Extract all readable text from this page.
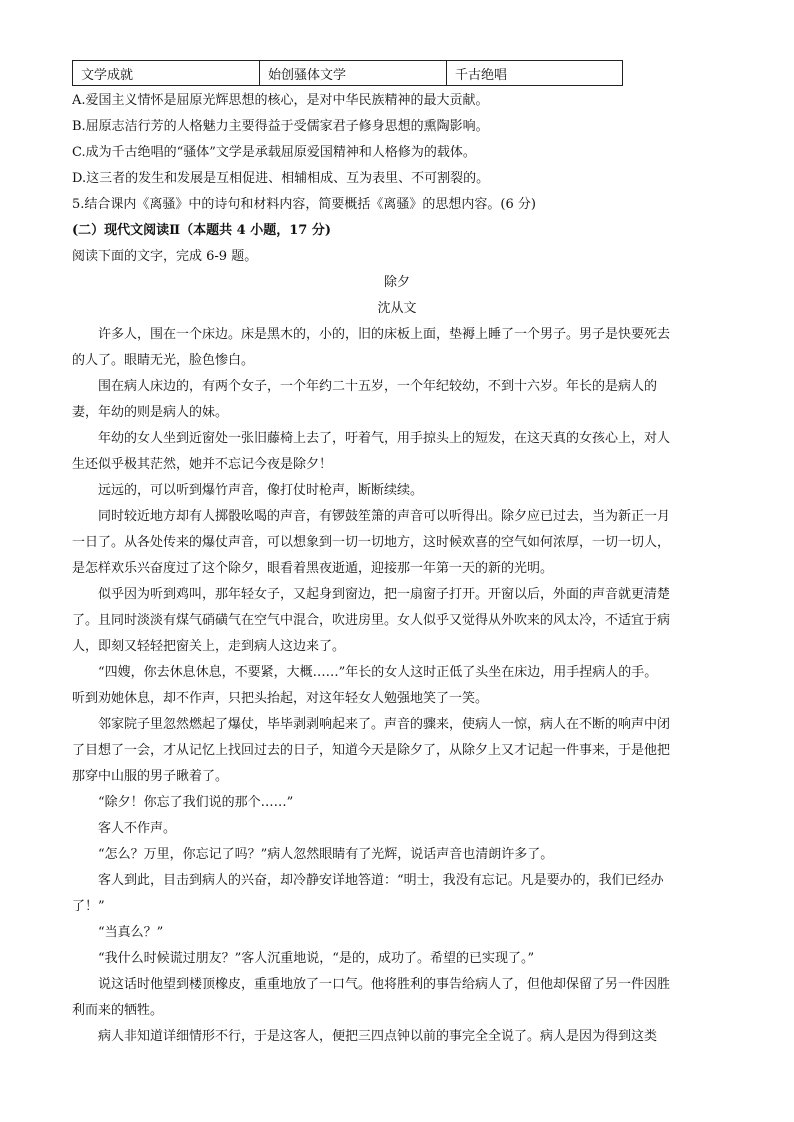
文学成就	始创骚体文学	千古绝唱
A.爱国主义情怀是屈原光辉思想的核心，是对中华民族精神的最大贡献。
B.屈原志洁行芳的人格魅力主要得益于受儒家君子修身思想的熏陶影响。
C.成为千古绝唱的“骚体”文学是承载屈原爱国精神和人格修为的载体。
D.这三者的发生和发展是互相促进、相辅相成、互为表里、不可割裂的。
5.结合课内《离骚》中的诗句和材料内容，简要概括《离骚》的思想内容。(6 分)
(二）现代文阅读Ⅱ（本题共 4 小题，17 分)
阅读下面的文字，完成 6-9 题。
除夕
沈从文
许多人，围在一个床边。床是黑木的，小的，旧的床板上面，垫褥上睡了一个男子。男子是快要死去
的人了。眼睛无光，脸色惨白。
围在病人床边的，有两个女子，一个年约二十五岁，一个年纪较幼，不到十六岁。年长的是病人的
妻，年幼的则是病人的妹。
年幼的女人坐到近窗处一张旧藤椅上去了，吁着气，用手掠头上的短发，在这天真的女孩心上，对人
生还似乎极其茫然，她并不忘记今夜是除夕！
远远的，可以听到爆竹声音，像打仗时枪声，断断续续。
同时较近地方却有人掷骰吆喝的声音，有锣鼓笙箫的声音可以听得出。除夕应已过去，当为新正一月
一日了。从各处传来的爆仗声音，可以想象到一切一切地方，这时候欢喜的空气如何浓厚，一切一切人，
是怎样欢乐兴奋度过了这个除夕，眼看着黑夜逝遁，迎接那一年第一天的新的光明。
似乎因为听到鸡叫，那年轻女子，又起身到窗边，把一扇窗子打开。开窗以后，外面的声音就更清楚
了。且同时淡淡有煤气硝磺气在空气中混合，吹进房里。女人似乎又觉得从外吹来的风太冷，不适宜于病
人，即刻又轻轻把窗关上，走到病人这边来了。
“四嫂，你去休息休息，不要紧，大概……”年长的女人这时正低了头坐在床边，用手捏病人的手。
听到劝她休息，却不作声，只把头抬起，对这年轻女人勉强地笑了一笑。
邻家院子里忽然燃起了爆仗，毕毕剥剥响起来了。声音的骤来，使病人一惊，病人在不断的响声中闭
了目想了一会，才从记忆上找回过去的日子，知道今天是除夕了，从除夕上又才记起一件事来，于是他把
那穿中山服的男子瞅着了。
“除夕！你忘了我们说的那个……”
客人不作声。
“怎么？万里，你忘记了吗？”病人忽然眼睛有了光辉，说话声音也清朗许多了。
客人到此，目击到病人的兴奋，却冷静安详地答道：“明士，我没有忘记。凡是要办的，我们已经办
了！”
“当真么？”
“我什么时候谎过朋友？”客人沉重地说，“是的，成功了。希望的已实现了。”
说这话时他望到楼顶橡皮，重重地放了一口气。他将胜利的事告给病人了，但他却保留了另一件因胜
利而来的牺牲。
病人非知道详细情形不行，于是这客人，便把三四点钟以前的事完全全说了。病人是因为得到这类
